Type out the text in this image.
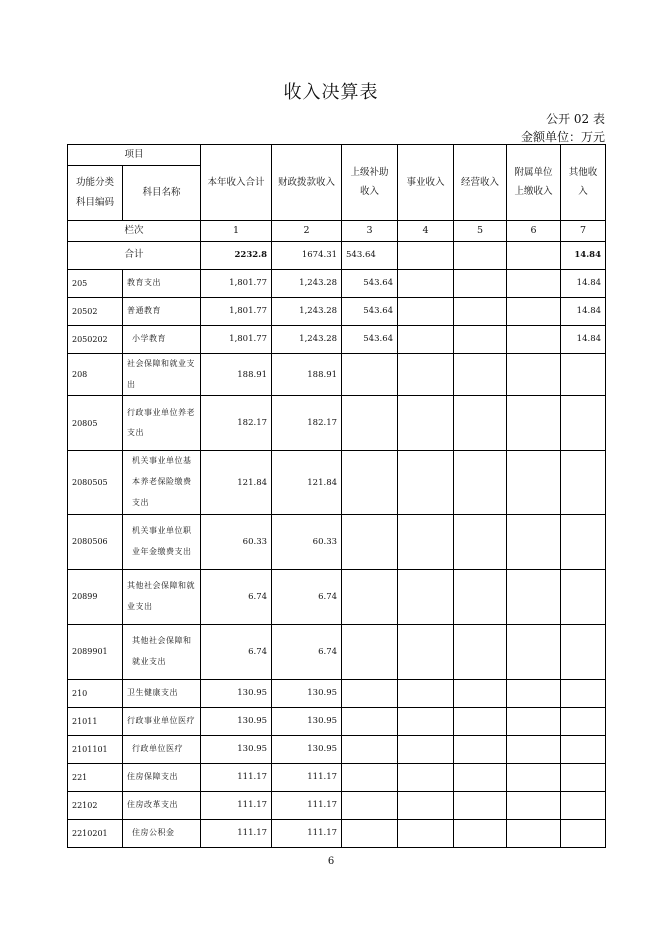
收入决算表
公开 02 表
金额单位：万元
项目		本年收入合计	财政拨款收入	上级补助收入	事业收入	经营收入	附属单位上缴收入	其他收入
功能分类科目编码	科目名称							
栏次		1	2	3	4	5	6	7
合计		2232.8	1674.31	543.64				14.84
205	教育支出	1,801.77	1,243.28	543.64				14.84
20502	普通教育	1,801.77	1,243.28	543.64				14.84
2050202	小学教育	1,801.77	1,243.28	543.64				14.84
208	社会保障和就业支出	188.91	188.91					
20805	行政事业单位养老支出	182.17	182.17					
2080505	机关事业单位基本养老保险缴费支出	121.84	121.84					
2080506	机关事业单位职业年金缴费支出	60.33	60.33					
20899	其他社会保障和就业支出	6.74	6.74					
2089901	其他社会保障和就业支出	6.74	6.74					
210	卫生健康支出	130.95	130.95					
21011	行政事业单位医疗	130.95	130.95					
2101101	行政单位医疗	130.95	130.95					
221	住房保障支出	111.17	111.17					
22102	住房改革支出	111.17	111.17					
2210201	住房公积金	111.17	111.17					
6
